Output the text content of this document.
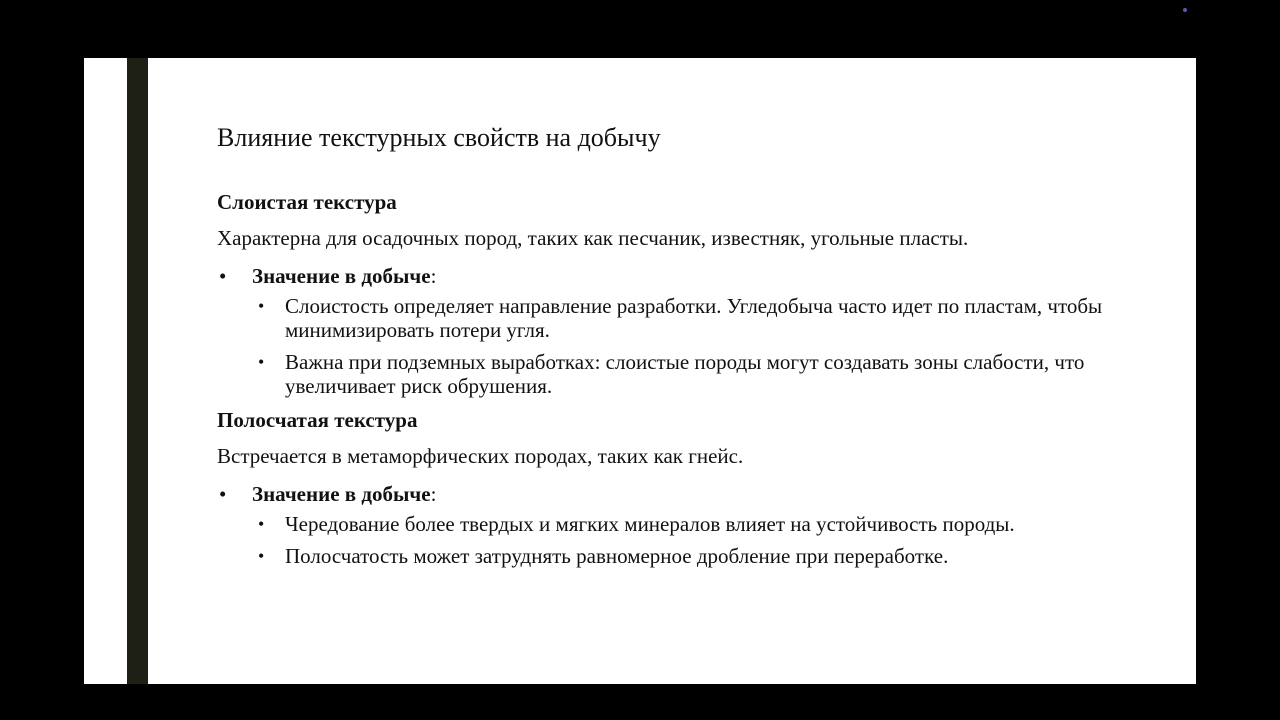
Влияние текстурных свойств на добычу
Слоистая текстура
Характерна для осадочных пород, таких как песчаник, известняк, угольные пласты.
• Значение в добыче:
• Слоистость определяет направление разработки. Угледобыча часто идет по пластам, чтобы минимизировать потери угля.
• Важна при подземных выработках: слоистые породы могут создавать зоны слабости, что увеличивает риск обрушения.
Полосчатая текстура
Встречается в метаморфических породах, таких как гнейс.
• Значение в добыче:
• Чередование более твердых и мягких минералов влияет на устойчивость породы.
• Полосчатость может затруднять равномерное дробление при переработке.
